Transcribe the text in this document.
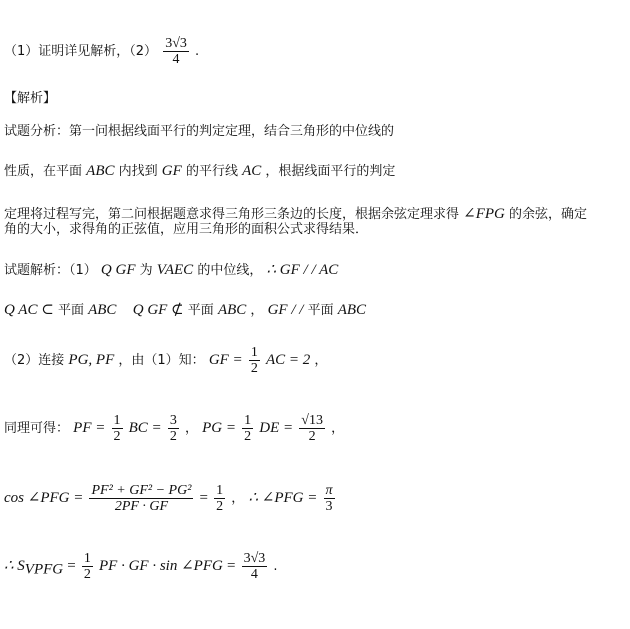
（1）证明详见解析，$(2) \frac{3√3}{4}$ .
【解析】
试题分析：第一问根据线面平行的判定定理，结合三角形的中位线的
性质，在平面 ABC 内找到 GF 的平行线 AC ，根据线面平行的判定
定理将过程写完，第二问根据题意求得三角形三条边的长度，根据余弦定理求得 ∠FPG 的余弦，确定
角的大小，求得角的正弦值，应用三角形的面积公式求得结果．
试题解析：（1） Q GF 为 VAEC 的中位线， ∴ GF / / AC
Q AC ⊂ 平面 ABC Q GF ⊄ 平面 ABC ， GF / / 平面 ABC
（2）连接 PG, PF ，由（1）知： GF = $\frac{1}{2}$ AC = 2 ，
同理可得： PF = $\frac{1}{2}$ BC = $\frac{3}{2}$ ， PG = $\frac{1}{2}$ DE = $\frac{√13}{2}$ ，
cos ∠PFG = $\frac{\text{PF² + GF² − PG²}}{2PF \cdot GF} = \frac{1}{2}$ ， ∴ ∠PFG = $\frac{\pi}{3}$
∴ $S_{VPFG} = \frac{1}{2}$ PF · GF · sin ∠PFG = $\frac{3√3}{4}$ .
